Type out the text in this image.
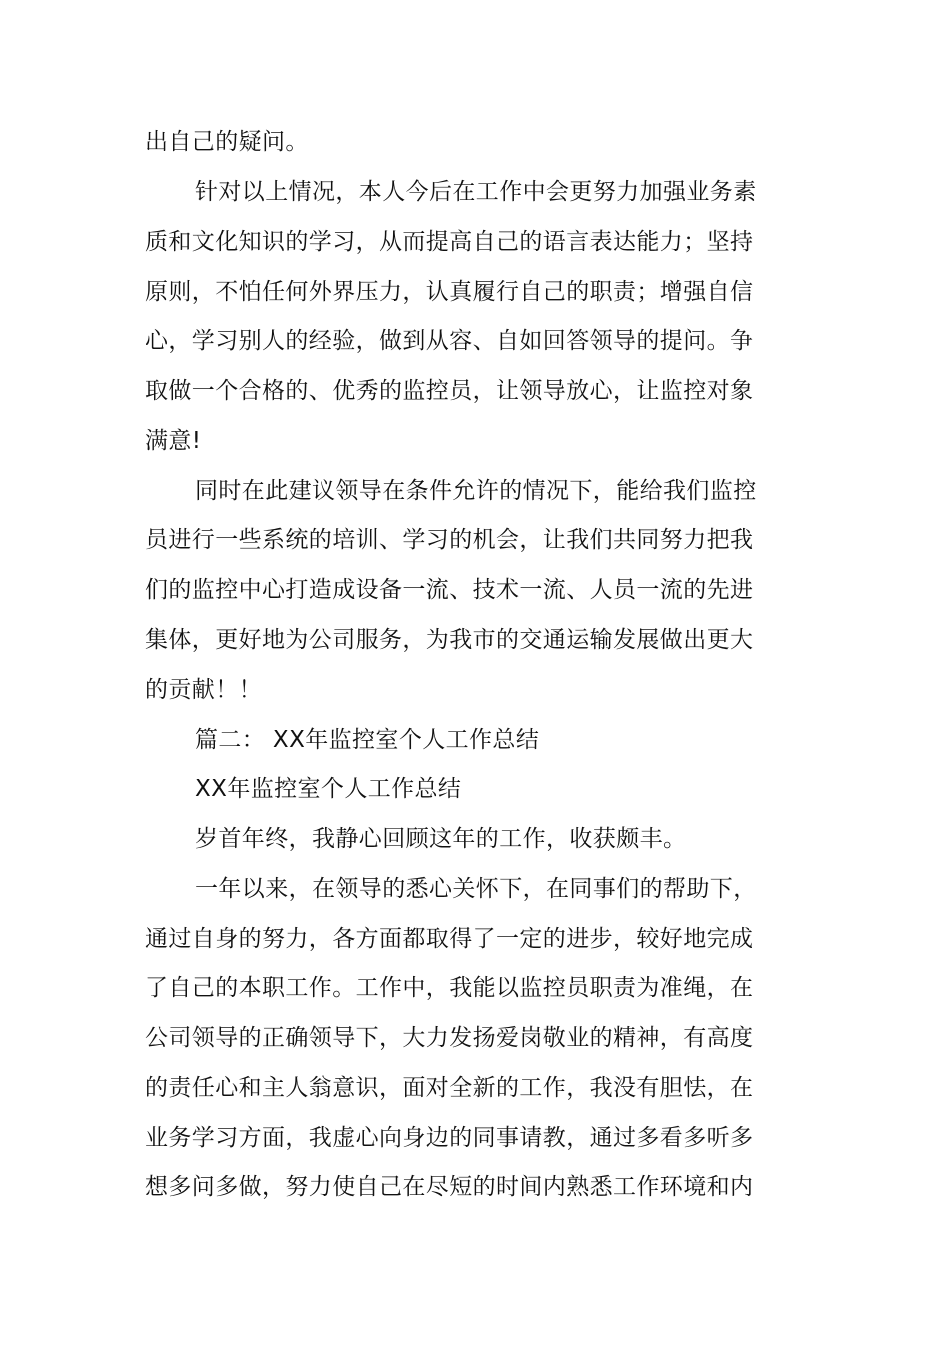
出自己的疑问。
针对以上情况，本人今后在工作中会更努力加强业务素
质和文化知识的学习，从而提高自己的语言表达能力；坚持
原则，不怕任何外界压力，认真履行自己的职责；增强自信
心，学习别人的经验，做到从容、自如回答领导的提问。争
取做一个合格的、优秀的监控员，让领导放心，让监控对象
满意!
同时在此建议领导在条件允许的情况下，能给我们监控
员进行一些系统的培训、学习的机会，让我们共同努力把我
们的监控中心打造成设备一流、技术一流、人员一流的先进
集体，更好地为公司服务，为我市的交通运输发展做出更大
的贡献！！
篇二： XX年监控室个人工作总结
XX年监控室个人工作总结
岁首年终，我静心回顾这年的工作，收获颇丰。
一年以来，在领导的悉心关怀下，在同事们的帮助下，
通过自身的努力，各方面都取得了一定的进步，较好地完成
了自己的本职工作。工作中，我能以监控员职责为准绳，在
公司领导的正确领导下，大力发扬爱岗敬业的精神，有高度
的责任心和主人翁意识，面对全新的工作，我没有胆怯，在
业务学习方面，我虚心向身边的同事请教，通过多看多听多
想多问多做，努力使自己在尽短的时间内熟悉工作环境和内
